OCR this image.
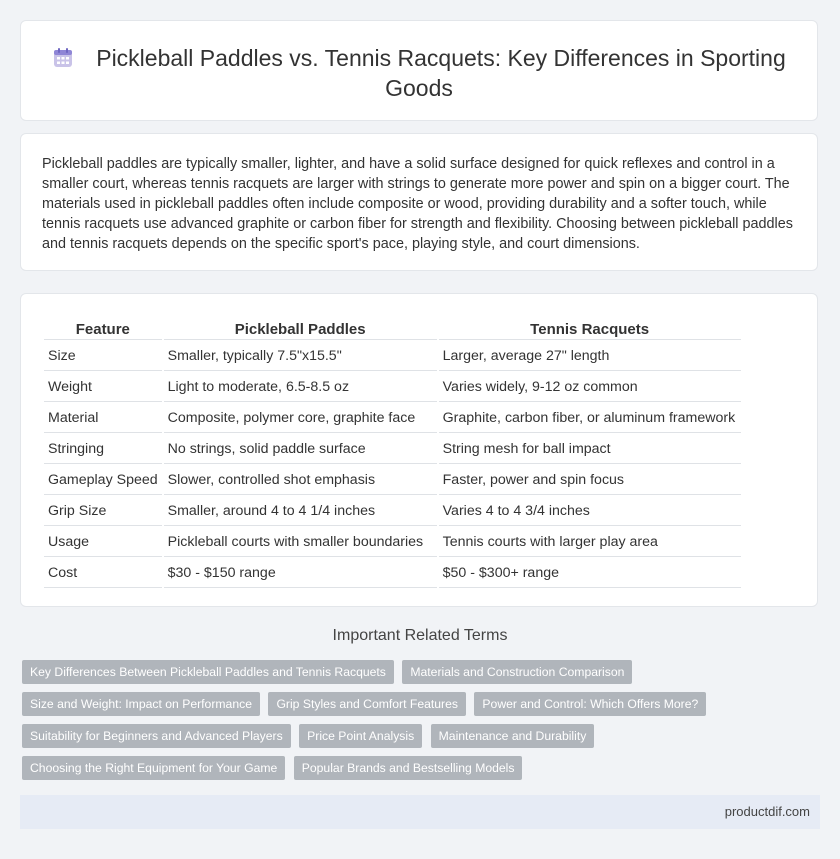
Pickleball Paddles vs. Tennis Racquets: Key Differences in Sporting Goods

Pickleball paddles are typically smaller, lighter, and have a solid surface designed for quick reflexes and control in a smaller court, whereas tennis racquets are larger with strings to generate more power and spin on a bigger court. The materials used in pickleball paddles often include composite or wood, providing durability and a softer touch, while tennis racquets use advanced graphite or carbon fiber for strength and flexibility. Choosing between pickleball paddles and tennis racquets depends on the specific sport's pace, playing style, and court dimensions.

Feature	Pickleball Paddles	Tennis Racquets
Size	Smaller, typically 7.5"x15.5"	Larger, average 27" length
Weight	Light to moderate, 6.5-8.5 oz	Varies widely, 9-12 oz common
Material	Composite, polymer core, graphite face	Graphite, carbon fiber, or aluminum framework
Stringing	No strings, solid paddle surface	String mesh for ball impact
Gameplay Speed	Slower, controlled shot emphasis	Faster, power and spin focus
Grip Size	Smaller, around 4 to 4 1/4 inches	Varies 4 to 4 3/4 inches
Usage	Pickleball courts with smaller boundaries	Tennis courts with larger play area
Cost	$30 - $150 range	$50 - $300+ range
Important Related Terms
Key Differences Between Pickleball Paddles and Tennis Racquets Materials and Construction Comparison Size and Weight: Impact on Performance Grip Styles and Comfort Features Power and Control: Which Offers More? Suitability for Beginners and Advanced Players Price Point Analysis Maintenance and Durability Choosing the Right Equipment for Your Game Popular Brands and Bestselling Models
productdif.com
